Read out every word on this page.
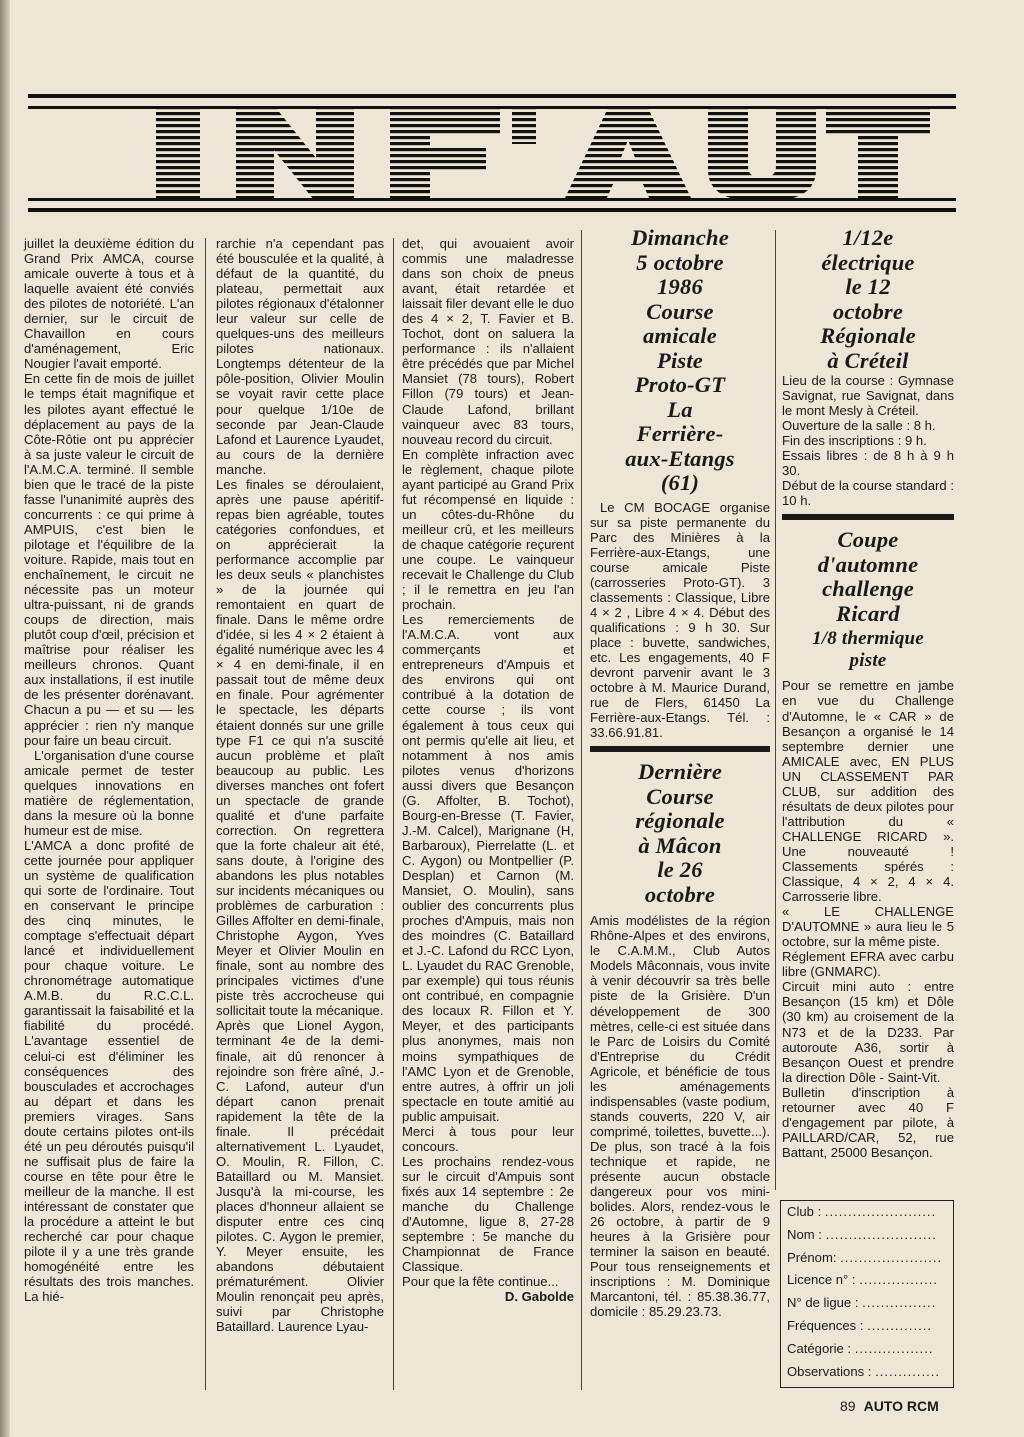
juillet la deuxième édition du Grand Prix AMCA, course amicale ouverte à tous et à laquelle avaient été conviés des pilotes de notoriété. L'an dernier, sur le circuit de Chavaillon en cours d'aménagement, Eric Nougier l'avait emporté.

En cette fin de mois de juillet le temps était magnifique et les pilotes ayant effectué le déplacement au pays de la Côte-Rôtie ont pu apprécier à sa juste valeur le circuit de l'A.M.C.A. terminé. Il semble bien que le tracé de la piste fasse l'unanimité auprès des concurrents : ce qui prime à AMPUIS, c'est bien le pilotage et l'équilibre de la voiture. Rapide, mais tout en enchaînement, le circuit ne nécessite pas un moteur ultra-puissant, ni de grands coups de direction, mais plutôt coup d'œil, précision et maîtrise pour réaliser les meilleurs chronos. Quant aux installations, il est inutile de les présenter dorénavant. Chacun a pu — et su — les apprécier : rien n'y manque pour faire un beau circuit.

L'organisation d'une course amicale permet de tester quelques innovations en matière de réglementation, dans la mesure où la bonne humeur est de mise.

L'AMCA a donc profité de cette journée pour appliquer un système de qualification qui sorte de l'ordinaire. Tout en conservant le principe des cinq minutes, le comptage s'effectuait départ lancé et individuellement pour chaque voiture. Le chronométrage automatique A.M.B. du R.C.C.L. garantissait la faisabilité et la fiabilité du procédé. L'avantage essentiel de celui-ci est d'éliminer les conséquences des bousculades et accrochages au départ et dans les premiers virages. Sans doute certains pilotes ont-ils été un peu déroutés puisqu'il ne suffisait plus de faire la course en tête pour être le meilleur de la manche. Il est intéressant de constater que la procédure a atteint le but recherché car pour chaque pilote il y a une très grande homogénéité entre les résultats des trois manches. La hié-

rarchie n'a cependant pas été bousculée et la qualité, à défaut de la quantité, du plateau, permettait aux pilotes régionaux d'étalonner leur valeur sur celle de quelques-uns des meilleurs pilotes nationaux. Longtemps détenteur de la pôle-position, Olivier Moulin se voyait ravir cette place pour quelque 1/10e de seconde par Jean-Claude Lafond et Laurence Lyaudet, au cours de la dernière manche.

Les finales se déroulaient, après une pause apéritif-repas bien agréable, toutes catégories confondues, et on apprécierait la performance accomplie par les deux seuls « planchistes » de la journée qui remontaient en quart de finale. Dans le même ordre d'idée, si les 4 × 2 étaient à égalité numérique avec les 4 × 4 en demi-finale, il en passait tout de même deux en finale. Pour agrémenter le spectacle, les départs étaient donnés sur une grille type F1 ce qui n'a suscité aucun problème et plaît beaucoup au public. Les diverses manches ont fofert un spectacle de grande qualité et d'une parfaite correction. On regrettera que la forte chaleur ait été, sans doute, à l'origine des abandons les plus notables sur incidents mécaniques ou problèmes de carburation : Gilles Affolter en demi-finale, Christophe Aygon, Yves Meyer et Olivier Moulin en finale, sont au nombre des principales victimes d'une piste très accrocheuse qui sollicitait toute la mécanique.

Après que Lionel Aygon, terminant 4e de la demi-finale, ait dû renoncer à rejoindre son frère aîné, J.-C. Lafond, auteur d'un départ canon prenait rapidement la tête de la finale. Il précédait alternativement L. Lyaudet, O. Moulin, R. Fillon, C. Bataillard ou M. Mansiet. Jusqu'à la mi-course, les places d'honneur allaient se disputer entre ces cinq pilotes. C. Aygon le premier, Y. Meyer ensuite, les abandons débutaient prématurément. Olivier Moulin renonçait peu après, suivi par Christophe Bataillard. Laurence Lyau-

det, qui avouaient avoir commis une maladresse dans son choix de pneus avant, était retardée et laissait filer devant elle le duo des 4 × 2, T. Favier et B. Tochot, dont on saluera la performance : ils n'allaient être précédés que par Michel Mansiet (78 tours), Robert Fillon (79 tours) et Jean-Claude Lafond, brillant vainqueur avec 83 tours, nouveau record du circuit.

En complète infraction avec le règlement, chaque pilote ayant participé au Grand Prix fut récompensé en liquide : un côtes-du-Rhône du meilleur crû, et les meilleurs de chaque catégorie reçurent une coupe. Le vainqueur recevait le Challenge du Club ; il le remettra en jeu l'an prochain.

Les remerciements de l'A.M.C.A. vont aux commerçants et entrepreneurs d'Ampuis et des environs qui ont contribué à la dotation de cette course ; ils vont également à tous ceux qui ont permis qu'elle ait lieu, et notamment à nos amis pilotes venus d'horizons aussi divers que Besançon (G. Affolter, B. Tochot), Bourg-en-Bresse (T. Favier, J.-M. Calcel), Marignane (H, Barbaroux), Pierrelatte (L. et C. Aygon) ou Montpellier (P. Desplan) et Carnon (M. Mansiet, O. Moulin), sans oublier des concurrents plus proches d'Ampuis, mais non des moindres (C. Bataillard et J.-C. Lafond du RCC Lyon, L. Lyaudet du RAC Grenoble, par exemple) qui tous réunis ont contribué, en compagnie des locaux R. Fillon et Y. Meyer, et des participants plus anonymes, mais non moins sympathiques de l'AMC Lyon et de Grenoble, entre autres, à offrir un joli spectacle en toute amitié au public ampuisait.

Merci à tous pour leur concours.

Les prochains rendez-vous sur le circuit d'Ampuis sont fixés aux 14 septembre : 2e manche du Challenge d'Automne, ligue 8, 27-28 septembre : 5e manche du Championnat de France Classique.

Pour que la fête continue...

D. Gabolde

Dimanche
5 octobre
1986
Course
amicale
Piste
Proto-GT
La
Ferrière-
aux-Etangs
(61)

Le CM BOCAGE organise sur sa piste permanente du Parc des Minières à la Ferrière-aux-Etangs, une course amicale Piste (carrosseries Proto-GT). 3 classements : Classique, Libre 4 × 2 , Libre 4 × 4. Début des qualifications : 9 h 30. Sur place : buvette, sandwiches, etc. Les engagements, 40 F devront parvenir avant le 3 octobre à M. Maurice Durand, rue de Flers, 61450 La Ferrière-aux-Etangs. Tél. : 33.66.91.81.

Dernière
Course
régionale
à Mâcon
le 26
octobre

Amis modélistes de la région Rhône-Alpes et des environs, le C.A.M.M., Club Autos Models Mâconnais, vous invite à venir découvrir sa très belle piste de la Grisière. D'un développement de 300 mètres, celle-ci est située dans le Parc de Loisirs du Comité d'Entreprise du Crédit Agricole, et bénéficie de tous les aménagements indispensables (vaste podium, stands couverts, 220 V, air comprimé, toilettes, buvette...). De plus, son tracé à la fois technique et rapide, ne présente aucun obstacle dangereux pour vos mini-bolides. Alors, rendez-vous le 26 octobre, à partir de 9 heures à la Grisière pour terminer la saison en beauté. Pour tous renseignements et inscriptions : M. Dominique Marcantoni, tél. : 85.38.36.77, domicile : 85.29.23.73.

1/12e
électrique
le 12
octobre
Régionale
à Créteil

Lieu de la course : Gymnase Savignat, rue Savignat, dans le mont Mesly à Créteil.

Ouverture de la salle : 8 h.

Fin des inscriptions : 9 h.

Essais libres : de 8 h à 9 h 30.

Début de la course standard : 10 h.

Coupe
d'automne
challenge
Ricard
1/8 thermique
piste

Pour se remettre en jambe en vue du Challenge d'Automne, le « CAR » de Besançon a organisé le 14 septembre dernier une AMICALE avec, EN PLUS UN CLASSEMENT PAR CLUB, sur addition des résultats de deux pilotes pour l'attribution du « CHALLENGE RICARD ». Une nouveauté ! Classements spérés : Classique, 4 × 2, 4 × 4. Carrosserie libre.

« LE CHALLENGE D'AUTOMNE » aura lieu le 5 octobre, sur la même piste.

Réglement EFRA avec carbu libre (GNMARC).

Circuit mini auto : entre Besançon (15 km) et Dôle (30 km) au croisement de la N73 et de la D233. Par autoroute A36, sortir à Besançon Ouest et prendre la direction Dôle - Saint-Vit.

Bulletin d'inscription à retourner avec 40 F d'engagement par pilote, à PAILLARD/CAR, 52, rue Battant, 25000 Besançon.

Club : ........................
Nom : ........................
Prénom: ......................
Licence n° : .................
N° de ligue : ................
Fréquences : ..............
Catégorie : .................
Observations : ..............
89 AUTO RCM
